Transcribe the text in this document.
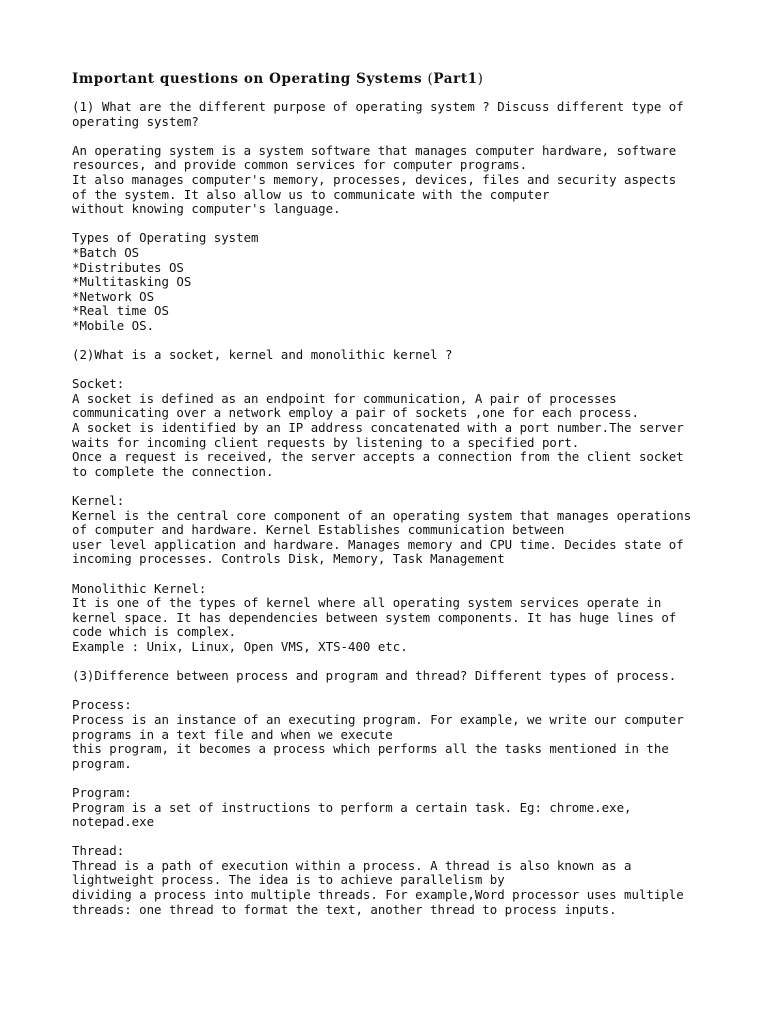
Important questions on Operating Systems (Part1)
(1) What are the different purpose of operating system ? Discuss different type of
operating system?
An operating system is a system software that manages computer hardware, software
resources, and provide common services for computer programs.
It also manages computer's memory, processes, devices, files and security aspects
of the system. It also allow us to communicate with the computer
without knowing computer's language.
Types of Operating system
*Batch OS
*Distributes OS
*Multitasking OS
*Network OS
*Real time OS
*Mobile OS.
(2)What is a socket, kernel and monolithic kernel ?
Socket:
A socket is defined as an endpoint for communication, A pair of processes
communicating over a network employ a pair of sockets ,one for each process.
A socket is identified by an IP address concatenated with a port number.The server
waits for incoming client requests by listening to a specified port.
Once a request is received, the server accepts a connection from the client socket
to complete the connection.
Kernel:
Kernel is the central core component of an operating system that manages operations
of computer and hardware. Kernel Establishes communication between
user level application and hardware. Manages memory and CPU time. Decides state of
incoming processes. Controls Disk, Memory, Task Management
Monolithic Kernel:
It is one of the types of kernel where all operating system services operate in
kernel space. It has dependencies between system components. It has huge lines of
code which is complex.
Example : Unix, Linux, Open VMS, XTS-400 etc.
(3)Difference between process and program and thread? Different types of process.
Process:
Process is an instance of an executing program. For example, we write our computer
programs in a text file and when we execute
this program, it becomes a process which performs all the tasks mentioned in the
program.
Program:
Program is a set of instructions to perform a certain task. Eg: chrome.exe,
notepad.exe
Thread:
Thread is a path of execution within a process. A thread is also known as a
lightweight process. The idea is to achieve parallelism by
dividing a process into multiple threads. For example,Word processor uses multiple
threads: one thread to format the text, another thread to process inputs.
